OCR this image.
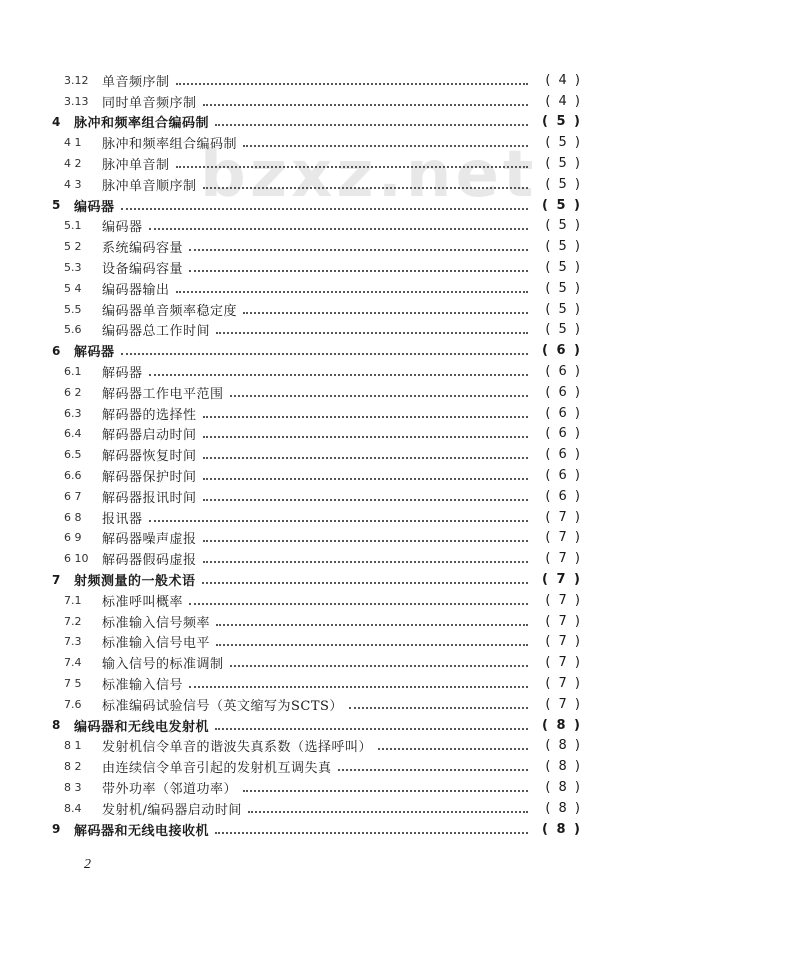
bzxz.net
3.12	单音频序制	( 4 )
3.13	同时单音频序制	( 4 )
4	脉冲和频率组合编码制	( 5 )
4 1	脉冲和频率组合编码制	( 5 )
4 2	脉冲单音制	( 5 )
4 3	脉冲单音顺序制	( 5 )
5	编码器	( 5 )
5.1	编码器	( 5 )
5 2	系统编码容量	( 5 )
5.3	设备编码容量	( 5 )
5 4	编码器输出	( 5 )
5.5	编码器单音频率稳定度	( 5 )
5.6	编码器总工作时间	( 5 )
6	解码器	( 6 )
6.1	解码器	( 6 )
6 2	解码器工作电平范围	( 6 )
6.3	解码器的选择性	( 6 )
6.4	解码器启动时间	( 6 )
6.5	解码器恢复时间	( 6 )
6.6	解码器保护时间	( 6 )
6 7	解码器报讯时间	( 6 )
6 8	报讯器	( 7 )
6 9	解码器噪声虚报	( 7 )
6 10	解码器假码虚报	( 7 )
7	射频测量的一般术语	( 7 )
7.1	标准呼叫概率	( 7 )
7.2	标准输入信号频率	( 7 )
7.3	标准输入信号电平	( 7 )
7.4	输入信号的标准调制	( 7 )
7 5	标准输入信号	( 7 )
7.6	标准编码试验信号（英文缩写为SCTS）	( 7 )
8	编码器和无线电发射机	( 8 )
8 1	发射机信令单音的谐波失真系数（选择呼叫）	( 8 )
8 2	由连续信令单音引起的发射机互调失真	( 8 )
8 3	带外功率（邻道功率）	( 8 )
8.4	发射机/编码器启动时间	( 8 )
9	解码器和无线电接收机	( 8 )
2
